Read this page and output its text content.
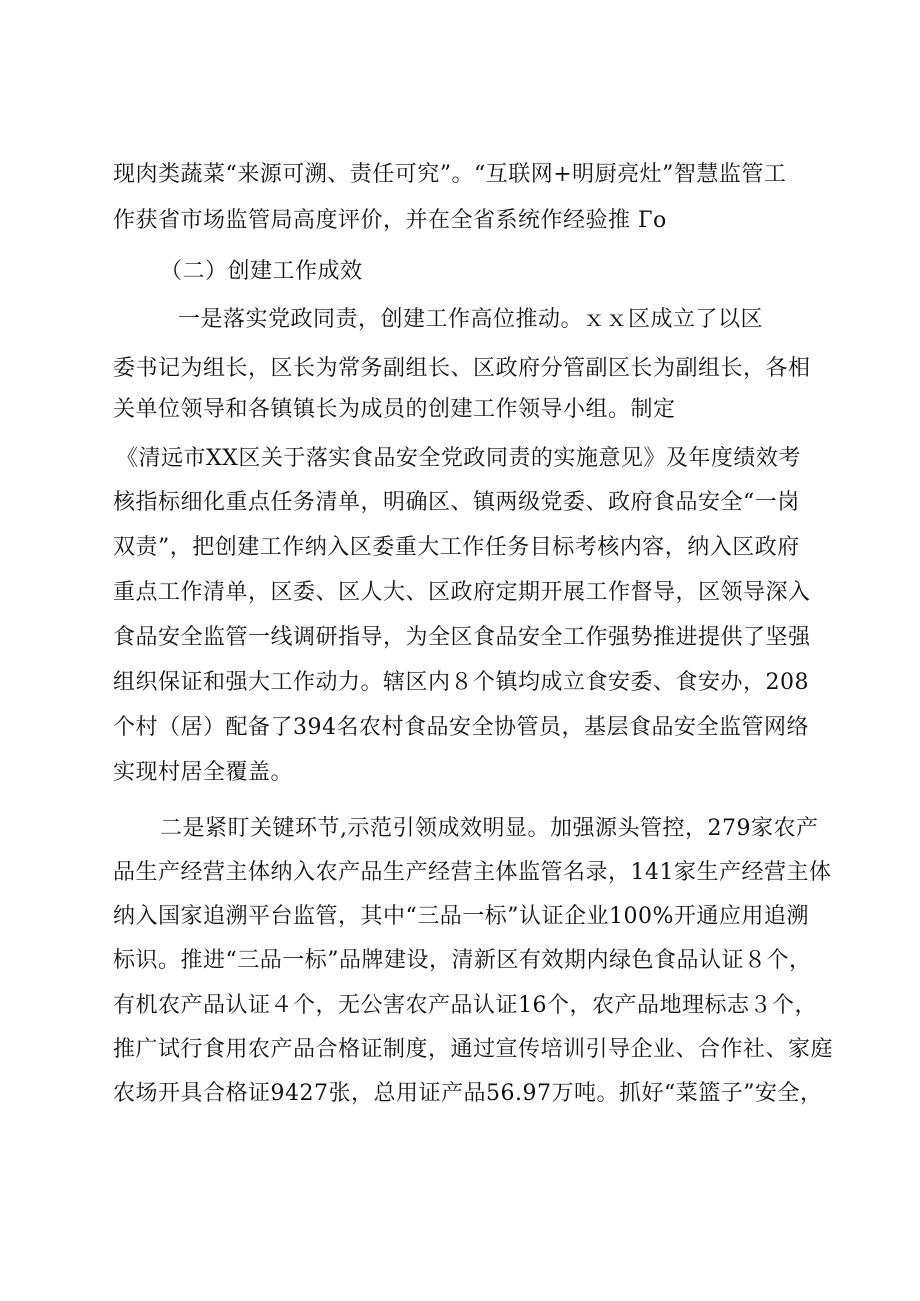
现肉类蔬菜“来源可溯、责任可究”。“互联网+明厨亮灶”智慧监管工
作获省市场监管局高度评价，并在全省系统作经验推 Гo
（二）创建工作成效
一是落实党政同责，创建工作高位推动。ｘｘ区成立了以区
委书记为组长，区长为常务副组长、区政府分管副区长为副组长，各相
关单位领导和各镇镇长为成员的创建工作领导小组。制定
《清远市XX区关于落实食品安全党政同责的实施意见》及年度绩效考
核指标细化重点任务清单，明确区、镇两级党委、政府食品安全“一岗
双责”，把创建工作纳入区委重大工作任务目标考核内容，纳入区政府
重点工作清单，区委、区人大、区政府定期开展工作督导，区领导深入
食品安全监管一线调研指导，为全区食品安全工作强势推进提供了坚强
组织保证和强大工作动力。辖区内８个镇均成立食安委、食安办，208
个村（居）配备了394名农村食品安全协管员，基层食品安全监管网络
实现村居全覆盖。
二是紧盯关键环节,示范引领成效明显。加强源头管控，279家农产
品生产经营主体纳入农产品生产经营主体监管名录，141家生产经营主体
纳入国家追溯平台监管，其中“三品一标”认证企业100%开通应用追溯
标识。推进“三品一标”品牌建设，清新区有效期内绿色食品认证８个，
有机农产品认证４个，无公害农产品认证16个，农产品地理标志３个，
推广试行食用农产品合格证制度，通过宣传培训引导企业、合作社、家庭
农场开具合格证9427张，总用证产品56.97万吨。抓好“菜篮子”安全，
